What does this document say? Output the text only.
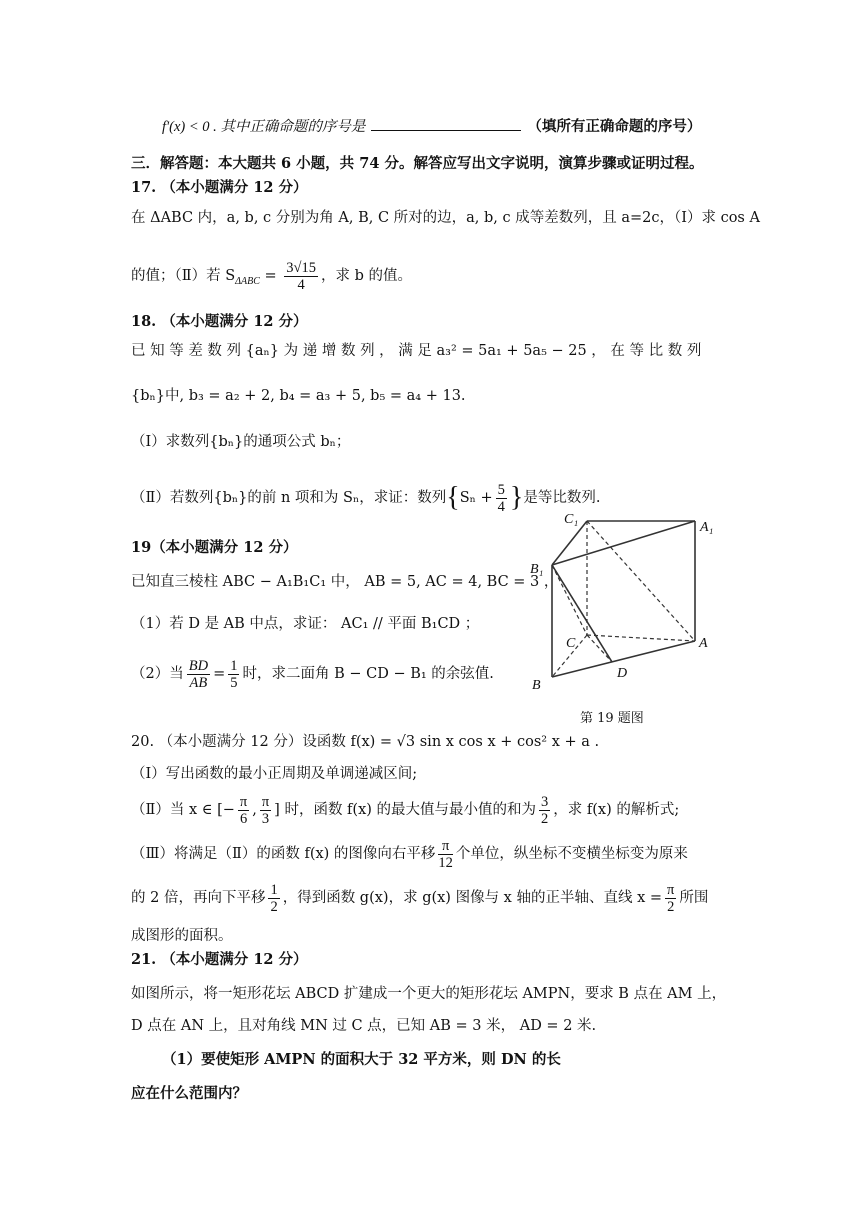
f'(x) < 0 . 其中正确命题的序号是	（填所有正确命题的序号）
三．解答题：本大题共 6 小题，共 74 分。解答应写出文字说明，演算步骤或证明过程。
17. （本小题满分 12 分）
在 ΔABC 内，a, b, c 分别为角 A, B, C 所对的边，a, b, c 成等差数列，且 a=2c，（Ⅰ）求 cos A
的值；（Ⅱ）若 $S_{\Delta ABC} = \frac{3√15}{4}$ ，求 b 的值。
18. （本小题满分 12 分）
已 知 等 差 数 列 {aₙ} 为 递 增 数 列 ， 满 足 a₃² = 5a₁ + 5a₅ − 25 ， 在 等 比 数 列
{bₙ}中, b₃ = a₂ + 2, b₄ = a₃ + 5, b₅ = a₄ + 13.
（Ⅰ）求数列{bₙ}的通项公式 bₙ；
（Ⅱ）若数列{bₙ}的前 n 项和为 Sₙ，求证：数列{$S_n + \frac{5}{4}$ }是等比数列.
19（本小题满分 12 分）
已知直三棱柱 ABC − A₁B₁C₁ 中， AB = 5, AC = 4, BC = 3 ，
（1）若 D 是 AB 中点，求证： AC₁ // 平面 B₁CD ；
（2）当 $\frac{BD}{AB} = \frac{1}{5}$ 时，求二面角 B − CD − B₁ 的余弦值.
C₁
A₁
B₁
C	A
D
B
第 19 题图
20. （本小题满分 12 分）设函数 f(x) = √3 sin x cos x + cos² x + a .
（Ⅰ）写出函数的最小正周期及单调递减区间;
（Ⅱ）当 x ∈ [− $\frac{\pi}{6}$ , $\frac{\pi}{3}$ ] 时，函数 f(x) 的最大值与最小值的和为 $\frac{3}{2}$ ，求 f(x) 的解析式;
（Ⅲ）将满足（Ⅱ）的函数 f(x) 的图像向右平移 $\frac{\pi}{12}$ 个单位，纵坐标不变横坐标变为原来
的 2 倍，再向下平移 $\frac{1}{2}$ ，得到函数 g(x)，求 g(x) 图像与 x 轴的正半轴、直线 $x = \frac{\pi}{2}$ 所围
成图形的面积。
21. （本小题满分 12 分）
如图所示，将一矩形花坛 ABCD 扩建成一个更大的矩形花坛 AMPN，要求 B 点在 AM 上，
D 点在 AN 上，且对角线 MN 过 C 点，已知 AB = 3 米， AD = 2 米.
（1）要使矩形 AMPN 的面积大于 32 平方米，则 DN 的长
应在什么范围内？
